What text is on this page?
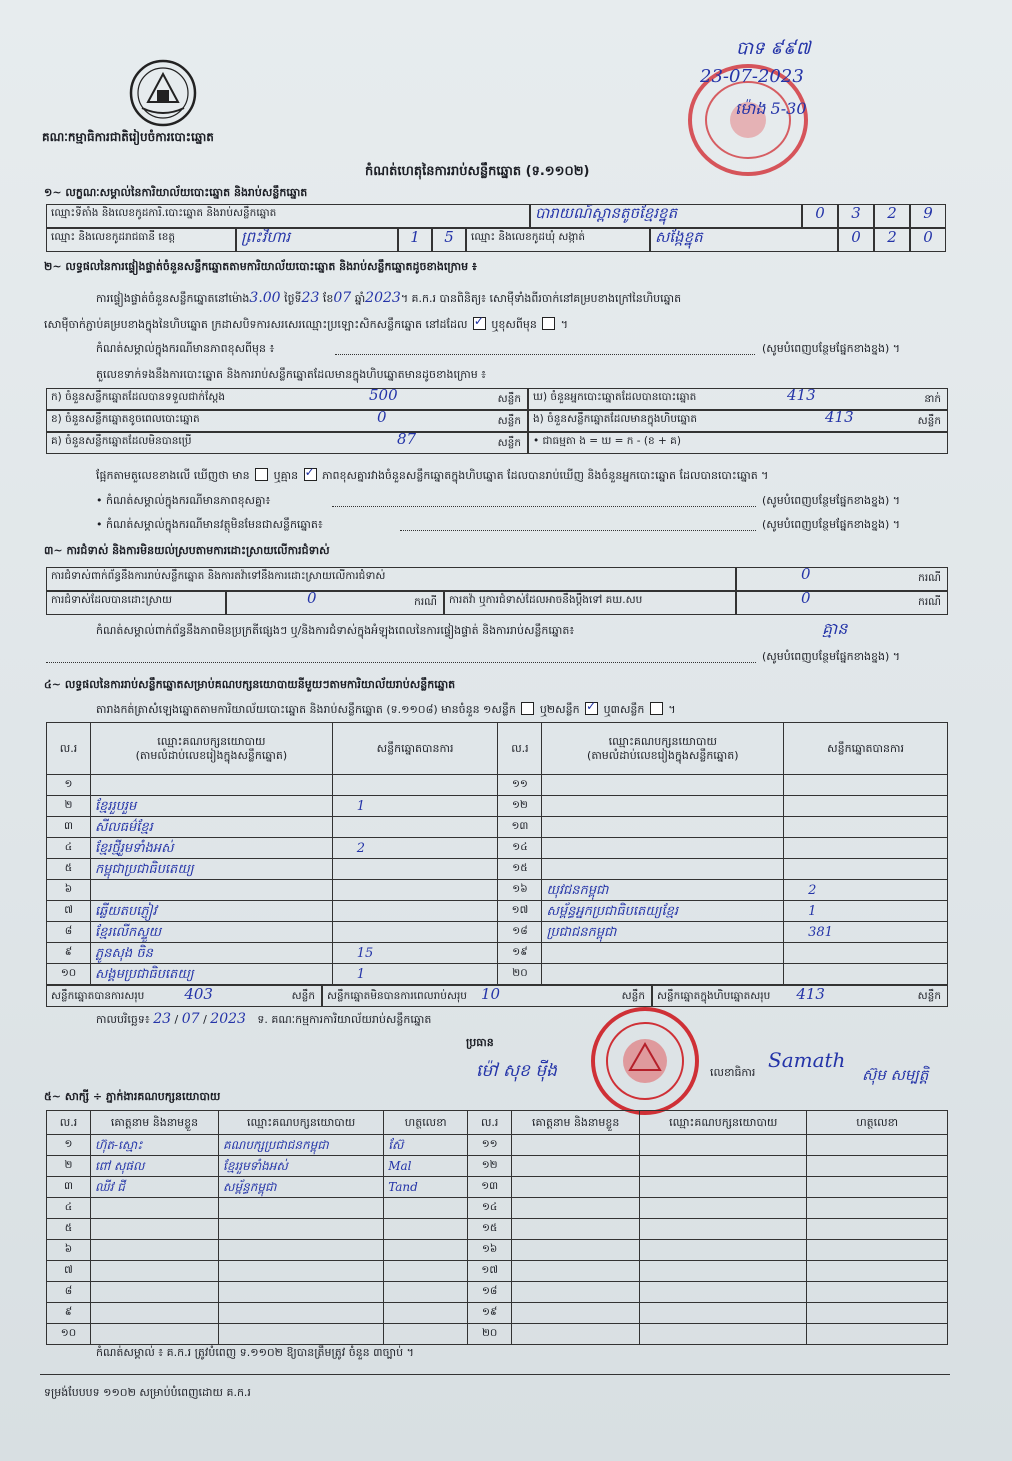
គណៈកម្មាធិការជាតិរៀបចំការបោះឆ្នោត
បាទ ៩៩៧
23-07-2023
ម៉ោង 5-30
កំណត់ហេតុនៃការរាប់សន្លឹកឆ្នោត (ទ.១១០២)
១~ លក្ខណៈសម្គាល់នៃការិយាល័យបោះឆ្នោត និងរាប់សន្លឹកឆ្នោត
ឈ្មោះទីតាំង និងលេខកូដការិ.បោះឆ្នោត និងរាប់សន្លឹកឆ្នោត	បារាយណ៍ស្ពានតូចខ្មែរខ្នុត	0	3	2	9
ឈ្មោះ និងលេខកូដរាជធានី ខេត្ត	ព្រះវិហារ	1	5	ឈ្មោះ និងលេខកូដឃុំ សង្កាត់	សង្កែខ្នុត	0	2	0
២~ លទ្ធផលនៃការផ្ទៀងផ្ទាត់ចំនួនសន្លឹកឆ្នោតតាមការិយាល័យបោះឆ្នោត និងរាប់សន្លឹកឆ្នោតដូចខាងក្រោម ៖
ការផ្ទៀងផ្ទាត់ចំនួនសន្លឹកឆ្នោតនៅម៉ោង3.00 ថ្ងៃទី23 ខែ07 ឆ្នាំ2023។ គ.ក.រ បានពិនិត្យ៖ សោម៉ឺ​ទាំងពីរចាក់នៅគម្របខាងក្រៅនៃហិបឆ្នោត
សោម៉ឺ​ចាក់ភ្ជាប់គម្របខាងក្នុងនៃហិបឆ្នោត ក្រដាសបិទការសរសេរឈ្មោះប្រឡោះសិកសន្លឹកឆ្នោត នៅដដែល ✓ ឬខុសពីមុន  ។
កំណត់សម្គាល់ក្នុងករណីមានភាពខុសពីមុន ៖	(សូមបំពេញបន្ថែមផ្នែកខាងខ្នង) ។
តួលេខទាក់ទងនឹងការបោះឆ្នោត និងការរាប់សន្លឹកឆ្នោតដែលមានក្នុងហិបឆ្នោតមានដូចខាងក្រោម ៖
ក) ចំនួនសន្លឹកឆ្នោតដែលបានទទួលជាក់ស្ដែង	500	សន្លឹក
ខ) ចំនួនសន្លឹកឆ្នោតខូចពេលបោះឆ្នោត	0	សន្លឹក
គ) ចំនួនសន្លឹកឆ្នោតដែលមិនបានប្រើ	87	សន្លឹក
ឃ) ចំនួនអ្នកបោះឆ្នោតដែលបានបោះឆ្នោត	413	នាក់
ង) ចំនួនសន្លឹកឆ្នោតដែលមានក្នុងហិបឆ្នោត	413	សន្លឹក
• ជាធម្មតា ង = ឃ = ក - (ខ + គ)
ផ្អែកតាមតួលេខខាងលើ ឃើញថា មាន ឬគ្មាន ✓ ភាពខុសគ្នារវាងចំនួនសន្លឹកឆ្នោតក្នុងហិបឆ្នោត ដែលបានរាប់ឃើញ និងចំនួនអ្នកបោះឆ្នោត ដែលបានបោះឆ្នោត ។
• កំណត់សម្គាល់ក្នុងករណីមានភាពខុសគ្នា៖	(សូមបំពេញបន្ថែមផ្នែកខាងខ្នង) ។
• កំណត់សម្គាល់ក្នុងករណីមានវត្ថុមិនមែនជាសន្លឹកឆ្នោត៖	(សូមបំពេញបន្ថែមផ្នែកខាងខ្នង) ។
៣~ ការជំទាស់ និងការមិនយល់ស្របតាមការដោះស្រាយលើការជំទាស់
ការជំទាស់ពាក់ព័ន្ធនឹងការរាប់សន្លឹកឆ្នោត និងការតវ៉ាទៅនឹងការដោះស្រាយលើការជំទាស់	0	ករណី
ការជំទាស់ដែលបានដោះស្រាយ	0	ករណី	ការតវ៉ា ឬការជំទាស់ដែលអាចនឹងប្ដឹងទៅ គឃ.សប	0	ករណី
កំណត់សម្គាល់ពាក់ព័ន្ធនឹងភាពមិនប្រក្រតីផ្សេងៗ ឬ/និងការជំទាស់ក្នុងអំឡុងពេលនៃការផ្ទៀងផ្ទាត់ និងការរាប់សន្លឹកឆ្នោត៖	គ្មាន
(សូមបំពេញបន្ថែមផ្នែកខាងខ្នង) ។
៤~ លទ្ធផលនៃការរាប់សន្លឹកឆ្នោតសម្រាប់គណបក្សនយោបាយនីមួយៗតាមការិយាល័យរាប់សន្លឹកឆ្នោត
តារាងកត់ត្រាសំឡេងឆ្នោតតាមការិយាល័យបោះឆ្នោត និងរាប់សន្លឹកឆ្នោត (ទ.១១០៨) មានចំនួន ១សន្លឹក ឬ២សន្លឹក ✓ ឬ៣សន្លឹក  ។
ល.រ	ឈ្មោះគណបក្សនយោបាយ
(តាមលំដាប់លេខរៀងក្នុងសន្លឹកឆ្នោត)	សន្លឹកឆ្នោតបានការ	ល.រ	ឈ្មោះគណបក្សនយោបាយ
(តាមលំដាប់លេខរៀងក្នុងសន្លឹកឆ្នោត)	សន្លឹកឆ្នោតបានការ
១			១១		
២	ខ្មែររួបរួម	1	១២		
៣	សីលធម៌ខ្មែរ		១៣		
៤	ខ្មែរថ្មីរួមទាំងអស់	2	១៤		
៥	កម្ពុជាប្រជាធិបតេយ្យ		១៥		
៦			១៦	យុវជនកម្ពុជា	2
៧	ឆ្លើយតបភ្ញៀវ		១៧	សម្ព័ន្ធអ្នកប្រជាធិបតេយ្យខ្មែរ	1
៨	ខ្មែរលើកស្ទួយ		១៨	ប្រជាជនកម្ពុជា	381
៩	ភ្លូនសុង ចិន	15	១៩		
១០	សង្គមប្រជាធិបតេយ្យ	1	២០		
សន្លឹកឆ្នោតបានការសរុប	403	សន្លឹក	សន្លឹកឆ្នោតមិនបានការពេលរាប់សរុប 10	សន្លឹក	សន្លឹកឆ្នោតក្នុងហិបឆ្នោតសរុប 413	សន្លឹក
កាលបរិច្ឆេទ៖ 23 / 07 / 2023 ទ. គណៈកម្មការការិយាល័យរាប់សន្លឹកឆ្នោត
ប្រធាន
ម៉ៅ សុខ ម៉ីង	លេខាធិការ
Samath
ស៊ុម សម្បត្តិ
៥~ សាក្សី ÷ ភ្នាក់ងារគណបក្សនយោបាយ
ល.រ	គោត្តនាម និងនាមខ្លួន	ឈ្មោះគណបក្សនយោបាយ	ហត្ថលេខា	ល.រ	គោត្តនាម និងនាមខ្លួន	ឈ្មោះគណបក្សនយោបាយ	ហត្ថលេខា
១	ហ៊ុត-ស្មោះ	គណបក្សប្រជាជនកម្ពុជា	ស៊ែ	១១			
២	ពៅ សុផល	ខ្មែររួមទាំងអស់	Mal	១២			
៣	ឈីវ ជី	សម្ព័ន្ធកម្ពុជា	Tand	១៣			
៤				១៤			
៥				១៥			
៦				១៦			
៧				១៧			
៨				១៨			
៩				១៩			
១០				២០			
កំណត់សម្គាល់ ៖ គ.ក.រ ត្រូវបំពេញ ទ.១១០២ ឱ្យបានត្រឹមត្រូវ ចំនួន ៣ច្បាប់ ។
ទម្រង់បែបបទ ១១០២ សម្រាប់បំពេញដោយ គ.ក.រ
